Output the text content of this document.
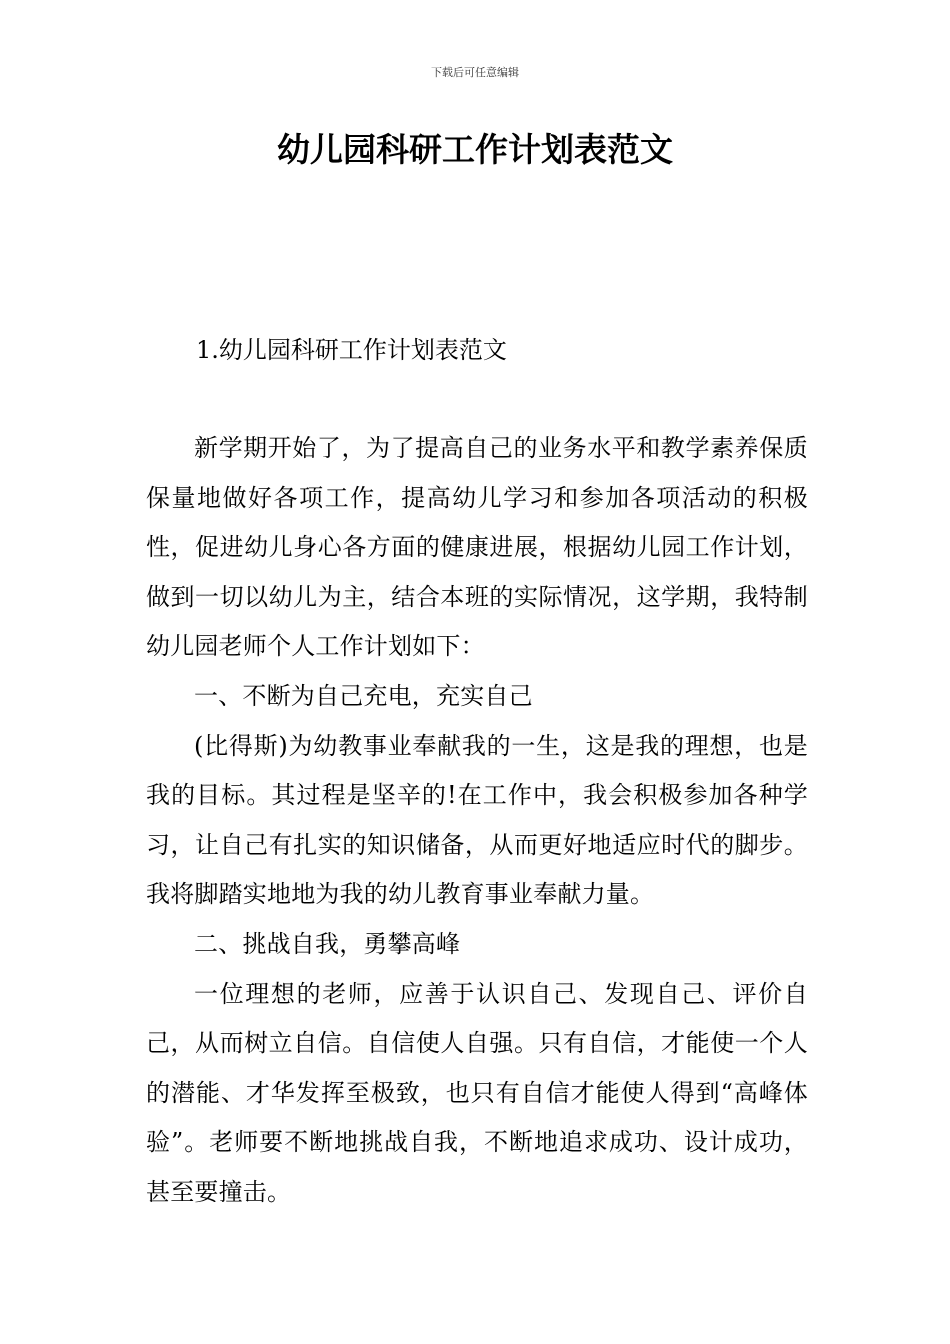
下载后可任意编辑
幼儿园科研工作计划表范文
1.幼儿园科研工作计划表范文

新学期开始了，为了提高自己的业务水平和教学素养保质保量地做好各项工作，提高幼儿学习和参加各项活动的积极性，促进幼儿身心各方面的健康进展，根据幼儿园工作计划，做到一切以幼儿为主，结合本班的实际情况，这学期，我特制幼儿园老师个人工作计划如下：

一、不断为自己充电，充实自己

(比得斯)为幼教事业奉献我的一生，这是我的理想，也是我的目标。其过程是坚辛的!在工作中，我会积极参加各种学习，让自己有扎实的知识储备，从而更好地适应时代的脚步。我将脚踏实地地为我的幼儿教育事业奉献力量。

二、挑战自我，勇攀高峰

一位理想的老师，应善于认识自己、发现自己、评价自己，从而树立自信。自信使人自强。只有自信，才能使一个人的潜能、才华发挥至极致，也只有自信才能使人得到“高峰体验”。老师要不断地挑战自我，不断地追求成功、设计成功，甚至要撞击。
